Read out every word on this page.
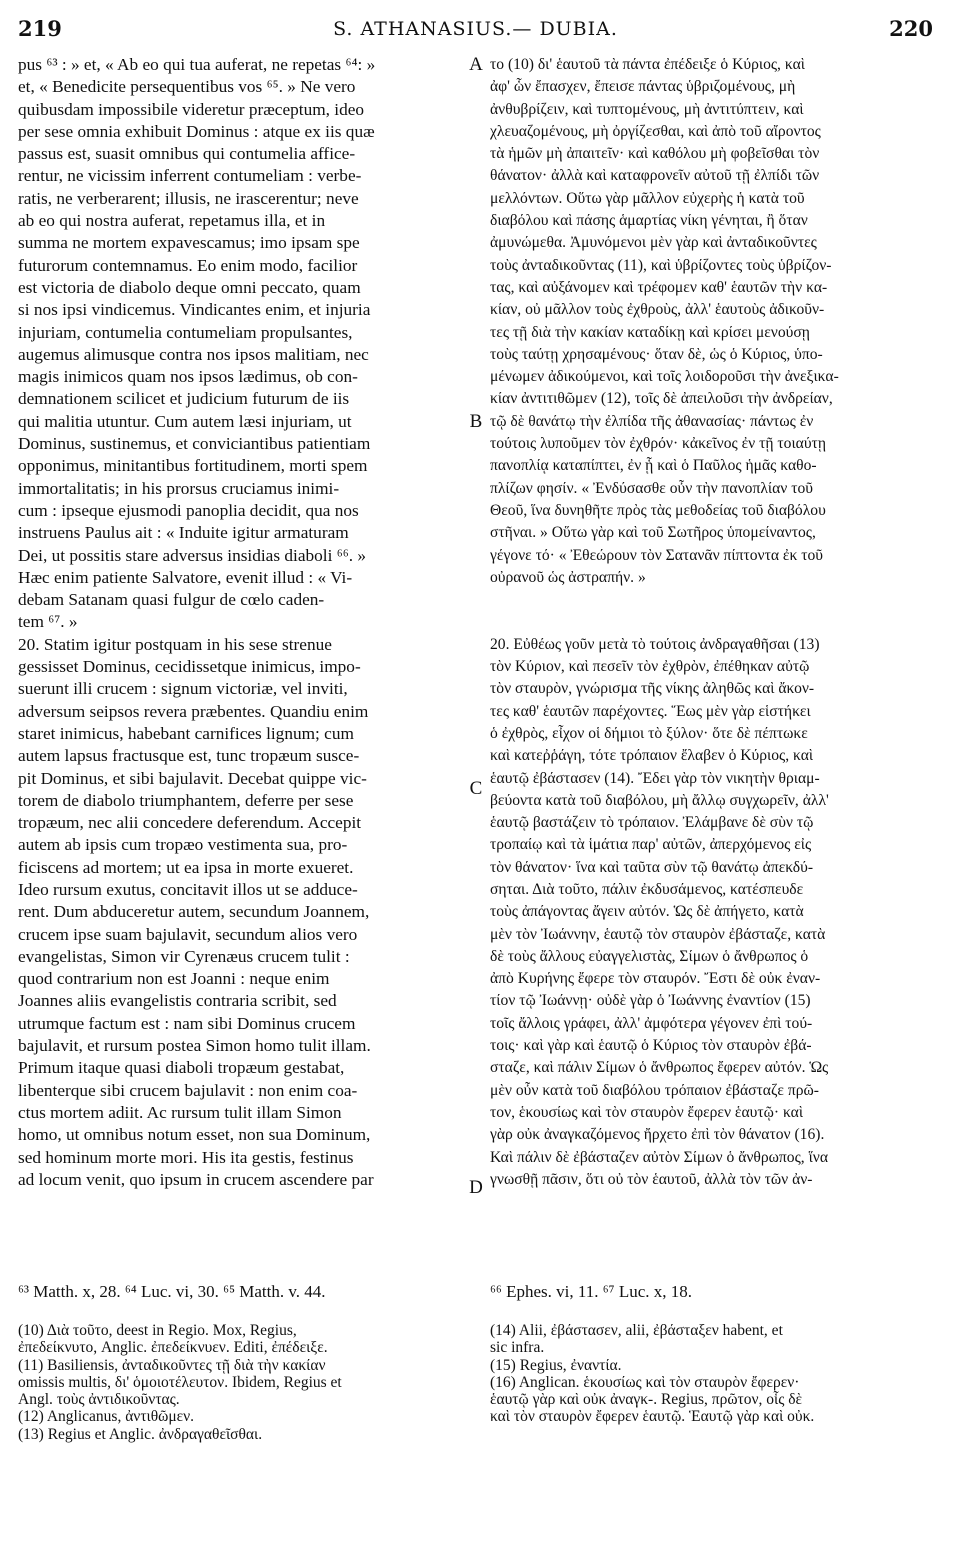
219	S. ATHANASIUS.— DUBIA.	220
pus ⁶³ : » et, « Ab eo qui tua auferat, ne repetas ⁶⁴: »
et, « Benedicite persequentibus vos ⁶⁵. » Ne vero
quibusdam impossibile videretur præceptum, ideo
per sese omnia exhibuit Dominus : atque ex iis quæ
passus est, suasit omnibus qui contumelia affice-
rentur, ne vicissim inferrent contumeliam : verbe-
ratis, ne verberarent; illusis, ne irascerentur; neve
ab eo qui nostra auferat, repetamus illa, et in
summa ne mortem expavescamus; imo ipsam spe
futurorum contemnamus. Eo enim modo, facilior
est victoria de diabolo deque omni peccato, quam
si nos ipsi vindicemus. Vindicantes enim, et injuria
injuriam, contumelia contumeliam propulsantes,
augemus alimusque contra nos ipsos malitiam, nec
magis inimicos quam nos ipsos lædimus, ob con-
demnationem scilicet et judicium futurum de iis
qui malitia utuntur. Cum autem læsi injuriam, ut
Dominus, sustinemus, et conviciantibus patientiam
opponimus, minitantibus fortitudinem, morti spem
immortalitatis; in his prorsus cruciamus inimi-
cum : ipseque ejusmodi panoplia decidit, qua nos
instruens Paulus ait : « Induite igitur armaturam
Dei, ut possitis stare adversus insidias diaboli ⁶⁶. »
Hæc enim patiente Salvatore, evenit illud : « Vi-
debam Satanam quasi fulgur de cœlo caden-
tem ⁶⁷. »
20. Statim igitur postquam in his sese strenue
gessisset Dominus, cecidissetque inimicus, impo-
suerunt illi crucem : signum victoriæ, vel inviti,
adversum seipsos revera præbentes. Quandiu enim
staret inimicus, habebant carnifices lignum; cum
autem lapsus fractusque est, tunc tropæum susce-
pit Dominus, et sibi bajulavit. Decebat quippe vic-
torem de diabolo triumphantem, deferre per sese
tropæum, nec alii concedere deferendum. Accepit
autem ab ipsis cum tropæo vestimenta sua, pro-
ficiscens ad mortem; ut ea ipsa in morte exueret.
Ideo rursum exutus, concitavit illos ut se adduce-
rent. Dum abduceretur autem, secundum Joannem,
crucem ipse suam bajulavit, secundum alios vero
evangelistas, Simon vir Cyrenæus crucem tulit :
quod contrarium non est Joanni : neque enim
Joannes aliis evangelistis contraria scribit, sed
utrumque factum est : nam sibi Dominus crucem
bajulavit, et rursum postea Simon homo tulit illam.
Primum itaque quasi diaboli tropæum gestabat,
libenterque sibi crucem bajulavit : non enim coa-
ctus mortem adiit. Ac rursum tulit illam Simon
homo, ut omnibus notum esset, non sua Dominum,
sed hominum morte mori. His ita gestis, festinus
ad locum venit, quo ipsum in crucem ascendere par
το (10) δι' ἑαυτοῦ τὰ πάντα ἐπέδειξε ὁ Κύριος, καὶ
ἀφ' ὧν ἔπασχεν, ἔπεισε πάντας ὑβριζομένους, μὴ
ἀνθυβρίζειν, καὶ τυπτομένους, μὴ ἀντιτύπτειν, καὶ
χλευαζομένους, μὴ ὀργίζεσθαι, καὶ ἀπὸ τοῦ αἴροντος
τὰ ἡμῶν μὴ ἀπαιτεῖν· καὶ καθόλου μὴ φοβεῖσθαι τὸν
θάνατον· ἀλλὰ καὶ καταφρονεῖν αὐτοῦ τῇ ἐλπίδι τῶν
μελλόντων. Οὕτω γὰρ μᾶλλον εὐχερὴς ἡ κατὰ τοῦ
διαβόλου καὶ πάσης ἁμαρτίας νίκη γένηται, ἢ ὅταν
ἀμυνώμεθα. Ἀμυνόμενοι μὲν γὰρ καὶ ἀνταδικοῦντες
τοὺς ἀνταδικοῦντας (11), καὶ ὑβρίζοντες τοὺς ὑβρίζον-
τας, καὶ αὐξάνομεν καὶ τρέφομεν καθ' ἑαυτῶν τὴν κα-
κίαν, οὐ μᾶλλον τοὺς ἐχθροὺς, ἀλλ' ἑαυτοὺς ἀδικοῦν-
τες τῇ διὰ τὴν κακίαν καταδίκῃ καὶ κρίσει μενούσῃ
τοὺς ταύτῃ χρησαμένους· ὅταν δὲ, ὡς ὁ Κύριος, ὑπο-
μένωμεν ἀδικούμενοι, καὶ τοῖς λοιδοροῦσι τὴν ἀνεξικα-
κίαν ἀντιτιθῶμεν (12), τοῖς δὲ ἀπειλοῦσι τὴν ἀνδρείαν,
τῷ δὲ θανάτῳ τὴν ἐλπίδα τῆς ἀθανασίας· πάντως ἐν
τούτοις λυποῦμεν τὸν ἐχθρόν· κἀκεῖνος ἐν τῇ τοιαύτῃ
πανοπλίᾳ καταπίπτει, ἐν ᾗ καὶ ὁ Παῦλος ἡμᾶς καθο-
πλίζων φησίν. « Ἐνδύσασθε οὖν τὴν πανοπλίαν τοῦ
Θεοῦ, ἵνα δυνηθῆτε πρὸς τὰς μεθοδείας τοῦ διαβόλου
στῆναι. » Οὕτω γὰρ καὶ τοῦ Σωτῆρος ὑπομείναντος,
γέγονε τό· « Ἐθεώρουν τὸν Σατανᾶν πίπτοντα ἐκ τοῦ
οὐρανοῦ ὡς ἀστραπήν. »
20. Εὐθέως γοῦν μετὰ τὸ τούτοις ἀνδραγαθῆσαι (13)
τὸν Κύριον, καὶ πεσεῖν τὸν ἐχθρὸν, ἐπέθηκαν αὐτῷ
τὸν σταυρὸν, γνώρισμα τῆς νίκης ἀληθῶς καὶ ἄκον-
τες καθ' ἑαυτῶν παρέχοντες. Ἕως μὲν γὰρ εἱστήκει
ὁ ἐχθρὸς, εἶχον οἱ δήμιοι τὸ ξύλον· ὅτε δὲ πέπτωκε
καὶ κατεῤῥάγη, τότε τρόπαιον ἔλαβεν ὁ Κύριος, καὶ
ἑαυτῷ ἐβάστασεν (14). Ἔδει γὰρ τὸν νικητὴν θριαμ-
βεύοντα κατὰ τοῦ διαβόλου, μὴ ἄλλῳ συγχωρεῖν, ἀλλ'
ἑαυτῷ βαστάζειν τὸ τρόπαιον. Ἐλάμβανε δὲ σὺν τῷ
τροπαίῳ καὶ τὰ ἱμάτια παρ' αὐτῶν, ἀπερχόμενος εἰς
τὸν θάνατον· ἵνα καὶ ταῦτα σὺν τῷ θανάτῳ ἀπεκδύ-
σηται. Διὰ τοῦτο, πάλιν ἐκδυσάμενος, κατέσπευδε
τοὺς ἀπάγοντας ἄγειν αὐτόν. Ὡς δὲ ἀπήγετο, κατὰ
μὲν τὸν Ἰωάννην, ἑαυτῷ τὸν σταυρὸν ἐβάσταζε, κατὰ
δὲ τοὺς ἄλλους εὐαγγελιστὰς, Σίμων ὁ ἄνθρωπος ὁ
ἀπὸ Κυρήνης ἔφερε τὸν σταυρόν. Ἔστι δὲ οὐκ ἐναν-
τίον τῷ Ἰωάννῃ· οὐδὲ γὰρ ὁ Ἰωάννης ἐναντίον (15)
τοῖς ἄλλοις γράφει, ἀλλ' ἀμφότερα γέγονεν ἐπὶ τού-
τοις· καὶ γὰρ καὶ ἑαυτῷ ὁ Κύριος τὸν σταυρὸν ἐβά-
σταζε, καὶ πάλιν Σίμων ὁ ἄνθρωπος ἔφερεν αὐτόν. Ὡς
μὲν οὖν κατὰ τοῦ διαβόλου τρόπαιον ἐβάσταζε πρῶ-
τον, ἑκουσίως καὶ τὸν σταυρὸν ἔφερεν ἑαυτῷ· καὶ
γὰρ οὐκ ἀναγκαζόμενος ἤρχετο ἐπὶ τὸν θάνατον (16).
Καὶ πάλιν δὲ ἐβάσταζεν αὐτὸν Σίμων ὁ ἄνθρωπος, ἵνα
γνωσθῇ πᾶσιν, ὅτι οὐ τὸν ἑαυτοῦ, ἀλλὰ τὸν τῶν ἀν-
A
B
C
D
⁶³ Matth. x, 28. ⁶⁴ Luc. vi, 30. ⁶⁵ Matth. v. 44.	⁶⁶ Ephes. vi, 11. ⁶⁷ Luc. x, 18.
(10) Διὰ τοῦτο, deest in Regio. Mox, Regius,
ἐπεδείκνυτο, Anglic. ἐπεδείκνυεν. Editi, ἐπέδειξε.
(11) Basiliensis, ἀνταδικοῦντες τῇ διὰ τὴν κακίαν
omissis multis, δι' ὁμοιοτέλευτον. Ibidem, Regius et
Angl. τοὺς ἀντιδικοῦντας.
(12) Anglicanus, ἀντιθῶμεν.
(13) Regius et Anglic. ἀνδραγαθεῖσθαι.
(14) Alii, ἐβάστασεν, alii, ἐβάσταξεν habent, et
sic infra.
(15) Regius, ἐναντία.
(16) Anglican. ἑκουσίως καὶ τὸν σταυρὸν ἔφερεν·
ἑαυτῷ γὰρ καὶ οὐκ ἀναγκ-. Regius, πρῶτον, οἷς δὲ
καὶ τὸν σταυρὸν ἔφερεν ἑαυτῷ. Ἑαυτῷ γὰρ καὶ οὐκ.
